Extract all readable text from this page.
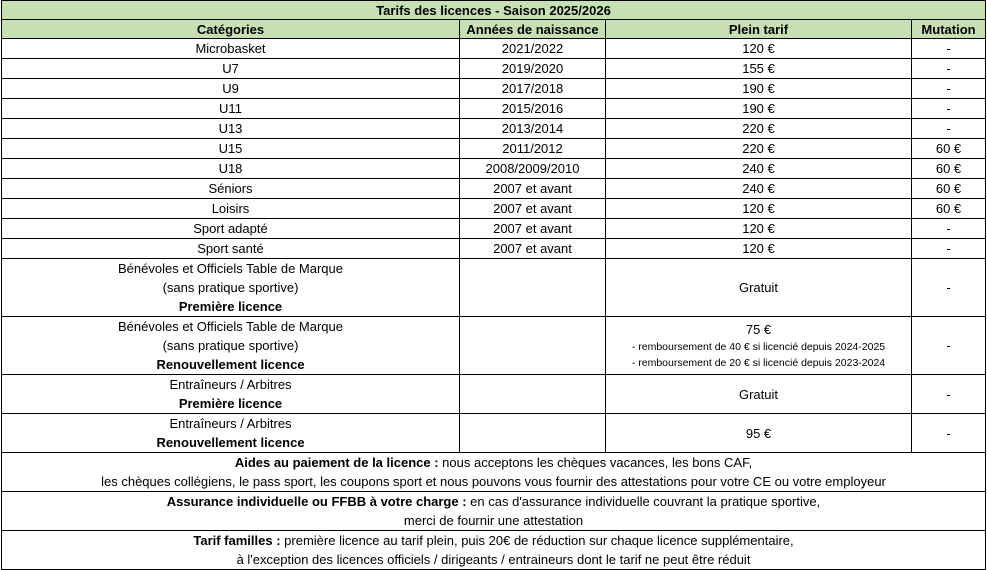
Tarifs des licences - Saison 2025/2026			
Catégories	Années de naissance	Plein tarif	Mutation
Microbasket	2021/2022	120 €	-
U7	2019/2020	155 €	-
U9	2017/2018	190 €	-
U11	2015/2016	190 €	-
U13	2013/2014	220 €	-
U15	2011/2012	220 €	60 €
U18	2008/2009/2010	240 €	60 €
Séniors	2007 et avant	240 €	60 €
Loisirs	2007 et avant	120 €	60 €
Sport adapté	2007 et avant	120 €	-
Sport santé	2007 et avant	120 €	-

Bénévoles et Officiels Table de Marque
(sans pratique sportive)
Première licence		Gratuit	-

Bénévoles et Officiels Table de Marque
(sans pratique sportive)
Renouvellement licence		75 €
- remboursement de 40 € si licencié depuis 2024-2025
- remboursement de 20 € si licencié depuis 2023-2024	-

Entraîneurs / Arbitres
Première licence		Gratuit	-

Entraîneurs / Arbitres
Renouvellement licence		95 €	-

Aides au paiement de la licence : nous acceptons les chèques vacances, les bons CAF,
les chèques collégiens, le pass sport, les coupons sport et nous pouvons vous fournir des attestations pour votre CE ou votre employeur			

Assurance individuelle ou FFBB à votre charge : en cas d'assurance individuelle couvrant la pratique sportive,
merci de fournir une attestation			

Tarif familles : première licence au tarif plein, puis 20€ de réduction sur chaque licence supplémentaire,
à l'exception des licences officiels / dirigeants / entraineurs dont le tarif ne peut être réduit			
